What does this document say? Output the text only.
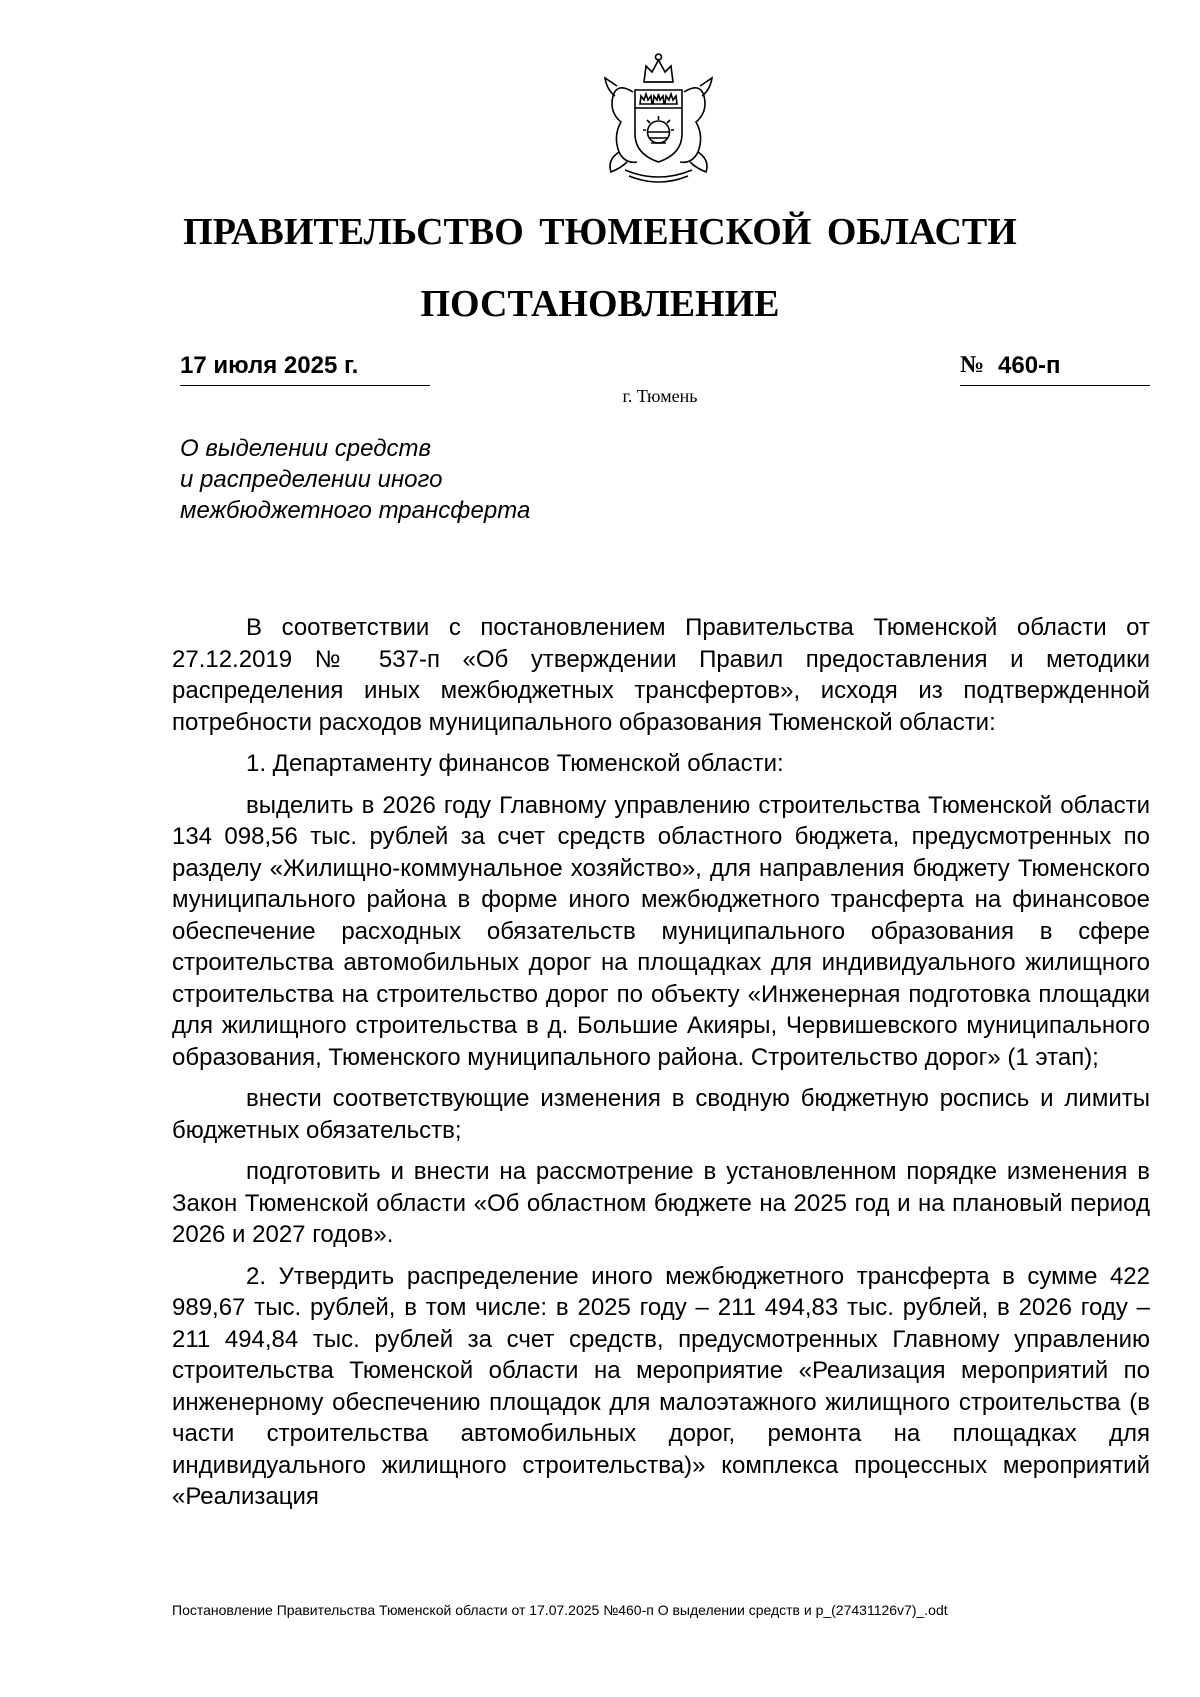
ПРАВИТЕЛЬСТВО ТЮМЕНСКОЙ ОБЛАСТИ
ПОСТАНОВЛЕНИЕ
17 июля 2025 г.	№ 460-п
г. Тюмень
О выделении средств
и распределении иного
межбюджетного трансферта

В соответствии с постановлением Правительства Тюменской области от 27.12.2019 № 537-п «Об утверждении Правил предоставления и методики распределения иных межбюджетных трансфертов», исходя из подтвержденной потребности расходов муниципального образования Тюменской области:

1. Департаменту финансов Тюменской области:

выделить в 2026 году Главному управлению строительства Тюменской области 134 098,56 тыс. рублей за счет средств областного бюджета, предусмотренных по разделу «Жилищно-коммунальное хозяйство», для направления бюджету Тюменского муниципального района в форме иного межбюджетного трансферта на финансовое обеспечение расходных обязательств муниципального образования в сфере строительства автомобильных дорог на площадках для индивидуального жилищного строительства на строительство дорог по объекту «Инженерная подготовка площадки для жилищного строительства в д. Большие Акияры, Червишевского муниципального образования, Тюменского муниципального района. Строительство дорог» (1 этап);

внести соответствующие изменения в сводную бюджетную роспись и лимиты бюджетных обязательств;

подготовить и внести на рассмотрение в установленном порядке изменения в Закон Тюменской области «Об областном бюджете на 2025 год и на плановый период 2026 и 2027 годов».

2. Утвердить распределение иного межбюджетного трансферта в сумме 422 989,67 тыс. рублей, в том числе: в 2025 году – 211 494,83 тыс. рублей, в 2026 году – 211 494,84 тыс. рублей за счет средств, предусмотренных Главному управлению строительства Тюменской области на мероприятие «Реализация мероприятий по инженерному обеспечению площадок для малоэтажного жилищного строительства (в части строительства автомобильных дорог, ремонта на площадках для индивидуального жилищного строительства)» комплекса процессных мероприятий «Реализация

Постановление Правительства Тюменской области от 17.07.2025 №460-п О выделении средств и р_(27431126v7)_.odt
